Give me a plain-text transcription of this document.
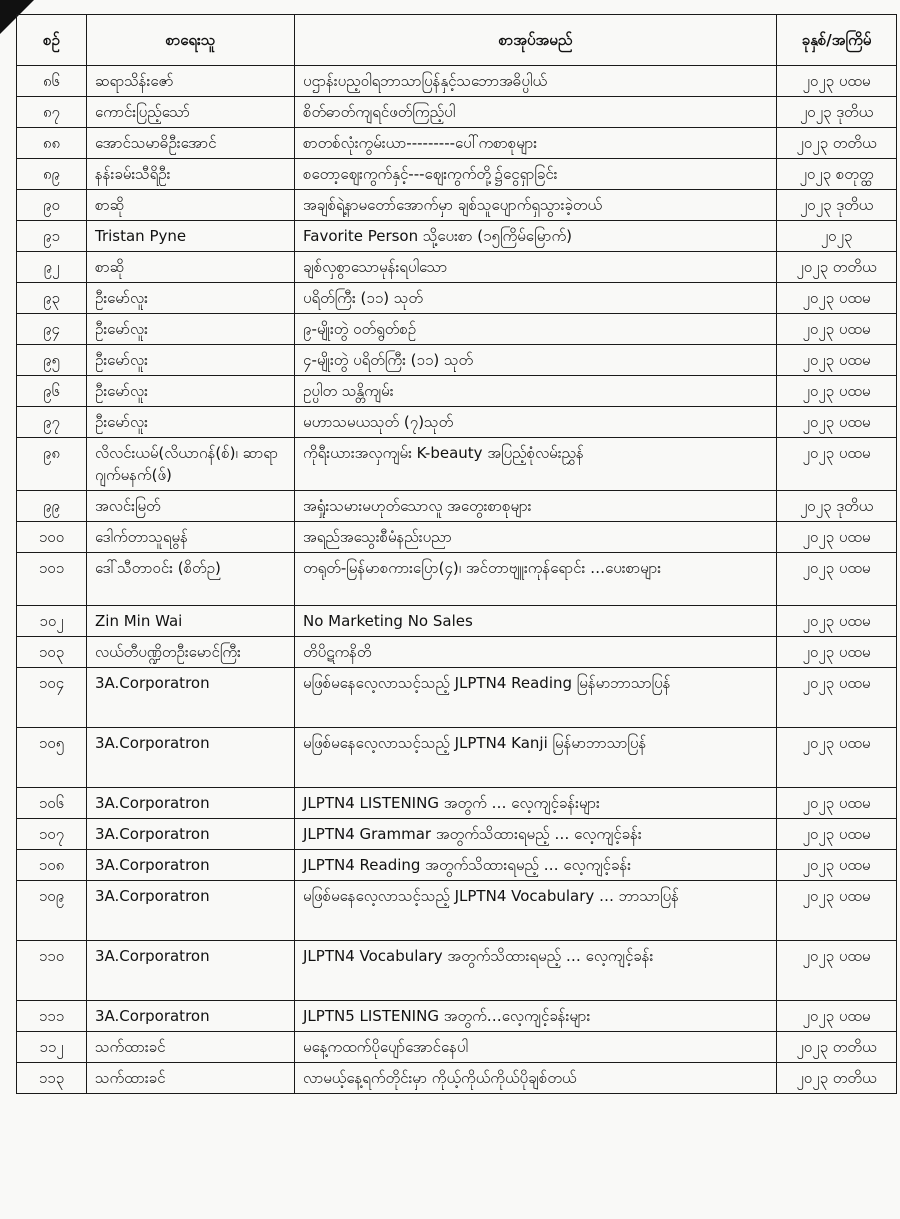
စဉ်	စာရေးသူ	စာအုပ်အမည်	ခုနှစ်/အကြိမ်
၈၆	ဆရာသိန်းဇော်	ပဌာန်းပည့ဝါရဘာသာပြန်နှင့်သဘောအဓိပ္ပါယ်	၂၀၂၃ ပထမ
၈၇	ကောင်းပြည့်သော်	စိတ်ဓာတ်ကျရင်ဖတ်ကြည့်ပါ	၂၀၂၃ ဒုတိယ
၈၈	အောင်သမာဓိဦးအောင်	စာတစ်လုံးကွမ်းယာ---------ပေါ်ကစာစုများ	၂၀၂၃ တတိယ
၈၉	နန်းခမ်းသီရိဦး	စတော့ဈေးကွက်နှင့်---ဈေးကွက်တို့၌ငွေရှာခြင်း	၂၀၂၃ စတုတ္ထ
၉၀	စာဆို	အချစ်ရဲ့နာမတော်အောက်မှာ ချစ်သူပျောက်ရှသွားခဲ့တယ်	၂၀၂၃ ဒုတိယ
၉၁	Tristan Pyne	Favorite Person သို့ပေးစာ (၁၅ကြိမ်မြောက်)	၂၀၂၃
၉၂	စာဆို	ချစ်လှစွာသောမုန်းရပါသော	၂၀၂၃ တတိယ
၉၃	ဦးမော်လူး	ပရိတ်ကြီး (၁၁) သုတ်	၂၀၂၃ ပထမ
၉၄	ဦးမော်လူး	၉-မျိုးတွဲ ဝတ်ရွတ်စဉ်	၂၀၂၃ ပထမ
၉၅	ဦးမော်လူး	၄-မျိုးတွဲ ပရိတ်ကြီး (၁၁) သုတ်	၂၀၂၃ ပထမ
၉၆	ဦးမော်လူး	ဥပ္ပါတ သန္တိကျမ်း	၂၀၂၃ ပထမ
၉၇	ဦးမော်လူး	မဟာသမယသုတ် (၇)သုတ်	၂၀၂၃ ပထမ
၉၈	လိလင်းယမ်(လိယာဂန်(စ်)၊ ဆာရာဂျက်မနက်(ဖ်)	ကိုရီးယားအလှကျမ်း K-beauty အပြည့်စုံလမ်းညွှန်	၂၀၂၃ ပထမ
၉၉	အလင်းမြတ်	အရှုံးသမားမဟုတ်သောလူ အတွေးစာစုများ	၂၀၂၃ ဒုတိယ
၁၀၀	ဒေါက်တာသူရမွန်	အရည်အသွေးစီမံနည်းပညာ	၂၀၂၃ ပထမ
၁၀၁	ဒေါ်သီတာဝင်း (စိတ်ဉ)	တရုတ်-မြန်မာစကားပြော(၄)၊ အင်တာဗျူးကုန်ရောင်း …ပေးစာများ	၂၀၂၃ ပထမ
၁၀၂	Zin Min Wai	No Marketing No Sales	၂၀၂၃ ပထမ
၁၀၃	လယ်တီပဏ္ဍိတဦးမောင်ကြီး	တိပိဋကနိတိ	၂၀၂၃ ပထမ
၁၀၄	3A.Corporatron	မဖြစ်မနေလေ့လာသင့်သည့် JLPTN4 Reading မြန်မာဘာသာပြန်	၂၀၂၃ ပထမ
၁၀၅	3A.Corporatron	မဖြစ်မနေလေ့လာသင့်သည့် JLPTN4 Kanji မြန်မာဘာသာပြန်	၂၀၂၃ ပထမ
၁၀၆	3A.Corporatron	JLPTN4 LISTENING အတွက် … လေ့ကျင့်ခန်းများ	၂၀၂၃ ပထမ
၁၀၇	3A.Corporatron	JLPTN4 Grammar အတွက်သိထားရမည့် … လေ့ကျင့်ခန်း	၂၀၂၃ ပထမ
၁၀၈	3A.Corporatron	JLPTN4 Reading အတွက်သိထားရမည့် … လေ့ကျင့်ခန်း	၂၀၂၃ ပထမ
၁၀၉	3A.Corporatron	မဖြစ်မနေလေ့လာသင့်သည့် JLPTN4 Vocabulary … ဘာသာပြန်	၂၀၂၃ ပထမ
၁၁၀	3A.Corporatron	JLPTN4 Vocabulary အတွက်သိထားရမည့် … လေ့ကျင့်ခန်း	၂၀၂၃ ပထမ
၁၁၁	3A.Corporatron	JLPTN5 LISTENING အတွက်…လေ့ကျင့်ခန်းများ	၂၀၂၃ ပထမ
၁၁၂	သက်ထားခင်	မနေ့ကထက်ပိုပျော်အောင်နေပါ	၂၀၂၃ တတိယ
၁၁၃	သက်ထားခင်	လာမယ့်နေ့ရက်တိုင်းမှာ ကိုယ့်ကိုယ်ကိုယ်ပိုချစ်တယ်	၂၀၂၃ တတိယ
